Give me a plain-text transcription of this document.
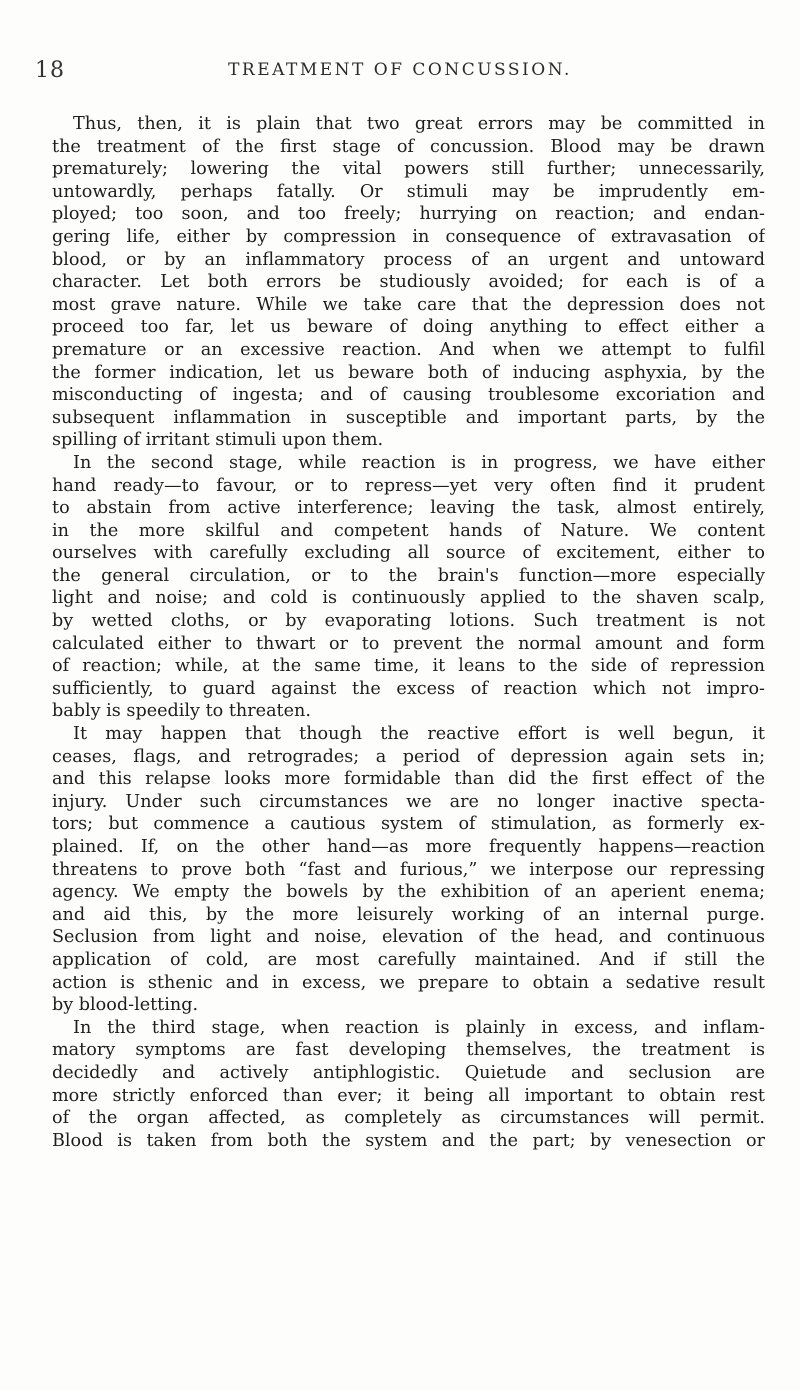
18	TREATMENT OF CONCUSSION.
Thus, then, it is plain that two great errors may be committed in
the treatment of the first stage of concussion. Blood may be drawn
prematurely; lowering the vital powers still further; unnecessarily,
untowardly, perhaps fatally. Or stimuli may be imprudently em-
ployed; too soon, and too freely; hurrying on reaction; and endan-
gering life, either by compression in consequence of extravasation of
blood, or by an inflammatory process of an urgent and untoward
character. Let both errors be studiously avoided; for each is of a
most grave nature. While we take care that the depression does not
proceed too far, let us beware of doing anything to effect either a
premature or an excessive reaction. And when we attempt to fulfil
the former indication, let us beware both of inducing asphyxia, by the
misconducting of ingesta; and of causing troublesome excoriation and
subsequent inflammation in susceptible and important parts, by the
spilling of irritant stimuli upon them.
In the second stage, while reaction is in progress, we have either
hand ready—to favour, or to repress—yet very often find it prudent
to abstain from active interference; leaving the task, almost entirely,
in the more skilful and competent hands of Nature. We content
ourselves with carefully excluding all source of excitement, either to
the general circulation, or to the brain's function—more especially
light and noise; and cold is continuously applied to the shaven scalp,
by wetted cloths, or by evaporating lotions. Such treatment is not
calculated either to thwart or to prevent the normal amount and form
of reaction; while, at the same time, it leans to the side of repression
sufficiently, to guard against the excess of reaction which not impro-
bably is speedily to threaten.
It may happen that though the reactive effort is well begun, it
ceases, flags, and retrogrades; a period of depression again sets in;
and this relapse looks more formidable than did the first effect of the
injury. Under such circumstances we are no longer inactive specta-
tors; but commence a cautious system of stimulation, as formerly ex-
plained. If, on the other hand—as more frequently happens—reaction
threatens to prove both “fast and furious,” we interpose our repressing
agency. We empty the bowels by the exhibition of an aperient enema;
and aid this, by the more leisurely working of an internal purge.
Seclusion from light and noise, elevation of the head, and continuous
application of cold, are most carefully maintained. And if still the
action is sthenic and in excess, we prepare to obtain a sedative result
by blood-letting.
In the third stage, when reaction is plainly in excess, and inflam-
matory symptoms are fast developing themselves, the treatment is
decidedly and actively antiphlogistic. Quietude and seclusion are
more strictly enforced than ever; it being all important to obtain rest
of the organ affected, as completely as circumstances will permit.
Blood is taken from both the system and the part; by venesection or
